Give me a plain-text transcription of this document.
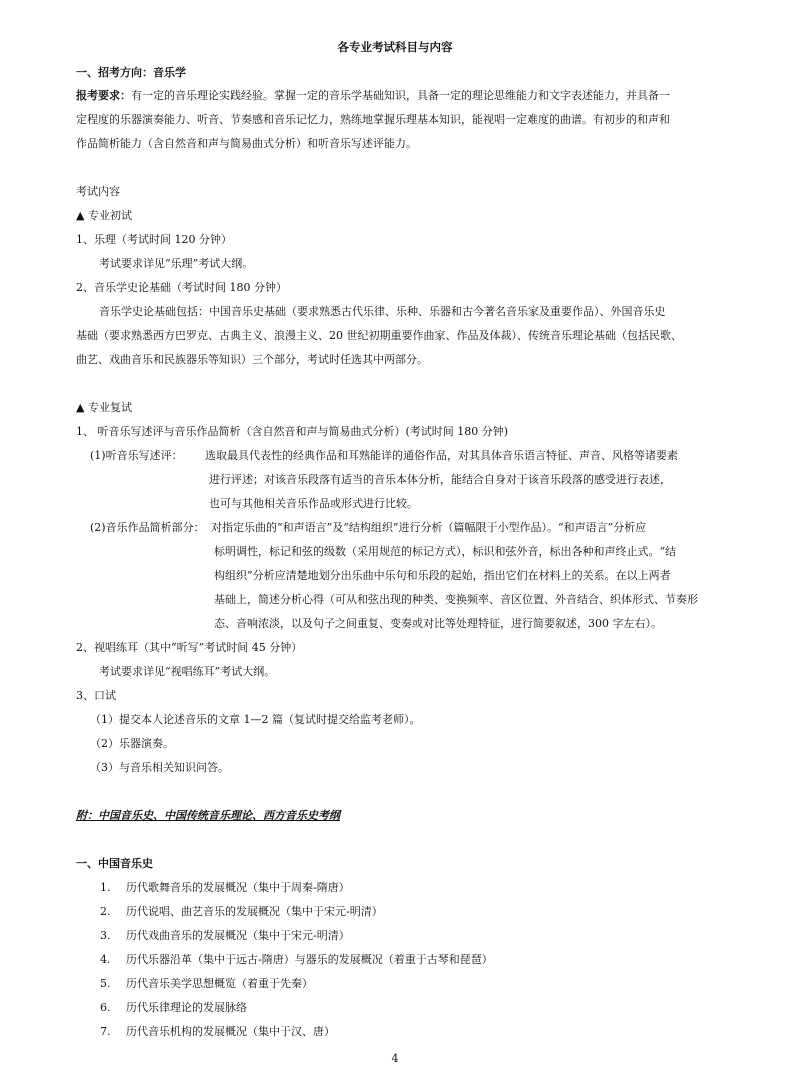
各专业考试科目与内容
一、招考方向：音乐学
报考要求：有一定的音乐理论实践经验。掌握一定的音乐学基础知识，具备一定的理论思维能力和文字表述能力，并具备一
定程度的乐器演奏能力、听音、节奏感和音乐记忆力，熟练地掌握乐理基本知识，能视唱一定难度的曲谱。有初步的和声和
作品简析能力（含自然音和声与简易曲式分析）和听音乐写述评能力。
考试内容
▲ 专业初试
1、乐理（考试时间 120 分钟）
考试要求详见“乐理”考试大纲。
2、音乐学史论基础（考试时间 180 分钟）
音乐学史论基础包括：中国音乐史基础（要求熟悉古代乐律、乐种、乐器和古今著名音乐家及重要作品）、外国音乐史
基础（要求熟悉西方巴罗克、古典主义、浪漫主义、20 世纪初期重要作曲家、作品及体裁）、传统音乐理论基础（包括民歌、
曲艺、戏曲音乐和民族器乐等知识）三个部分，考试时任选其中两部分。
▲ 专业复试
1、 听音乐写述评与音乐作品简析（含自然音和声与简易曲式分析）(考试时间 180 分钟)
(1)听音乐写述评： 选取最具代表性的经典作品和耳熟能详的通俗作品，对其具体音乐语言特征、声音、风格等诸要素
进行评述；对该音乐段落有适当的音乐本体分析，能结合自身对于该音乐段落的感受进行表述，
也可与其他相关音乐作品或形式进行比较。
(2)音乐作品简析部分： 对指定乐曲的“和声语言”及“结构组织”进行分析（篇幅限于小型作品）。“和声语言”分析应
标明调性，标记和弦的级数（采用规范的标记方式），标识和弦外音，标出各种和声终止式。“结
构组织”分析应清楚地划分出乐曲中乐句和乐段的起始，指出它们在材料上的关系。在以上两者
基础上，简述分析心得（可从和弦出现的种类、变换频率、音区位置、外音结合、织体形式、节奏形
态、音响浓淡，以及句子之间重复、变奏或对比等处理特征，进行简要叙述，300 字左右）。
2、视唱练耳（其中“听写”考试时间 45 分钟）
考试要求详见“视唱练耳”考试大纲。
3、口试
（1）提交本人论述音乐的文章 1—2 篇（复试时提交给监考老师）。
（2）乐器演奏。
（3）与音乐相关知识问答。
附：中国音乐史、中国传统音乐理论、西方音乐史考纲
一、中国音乐史
1. 历代歌舞音乐的发展概况（集中于周秦-隋唐）
2. 历代说唱、曲艺音乐的发展概况（集中于宋元-明清）
3. 历代戏曲音乐的发展概况（集中于宋元-明清）
4. 历代乐器沿革（集中于远古-隋唐）与器乐的发展概况（着重于古琴和琵琶）
5. 历代音乐美学思想概览（着重于先秦）
6. 历代乐律理论的发展脉络
7. 历代音乐机构的发展概况（集中于汉、唐）
4
